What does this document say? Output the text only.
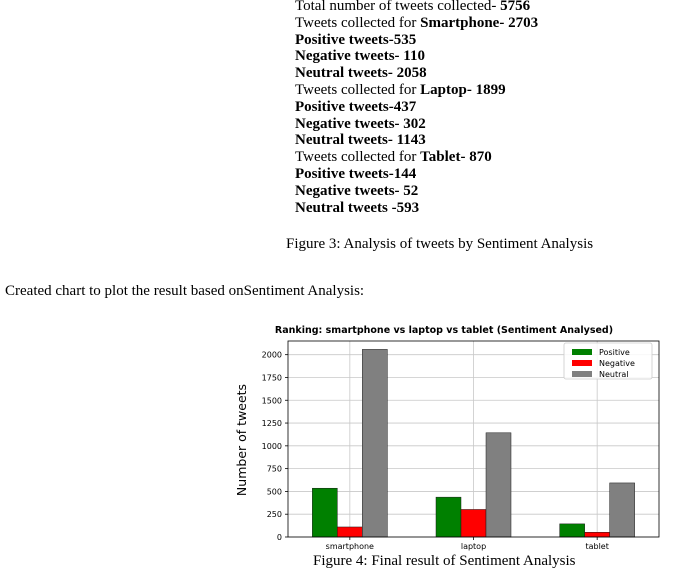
Total number of tweets collected- 5756
Tweets collected for Smartphone- 2703
Positive tweets-535
Negative tweets- 110
Neutral tweets- 2058
Tweets collected for Laptop- 1899
Positive tweets-437
Negative tweets- 302
Neutral tweets- 1143
Tweets collected for Tablet- 870
Positive tweets-144
Negative tweets- 52
Neutral tweets -593
Figure 3: Analysis of tweets by Sentiment Analysis
Created chart to plot the result based onSentiment Analysis:
Ranking: smartphone vs laptop vs tablet (Sentiment Analysed)
0
250
500
750
1000
1250
1500
1750
2000
smartphone	laptop	tablet
Number of tweets
Positive
Negative
Neutral
Figure 4: Final result of Sentiment Analysis
